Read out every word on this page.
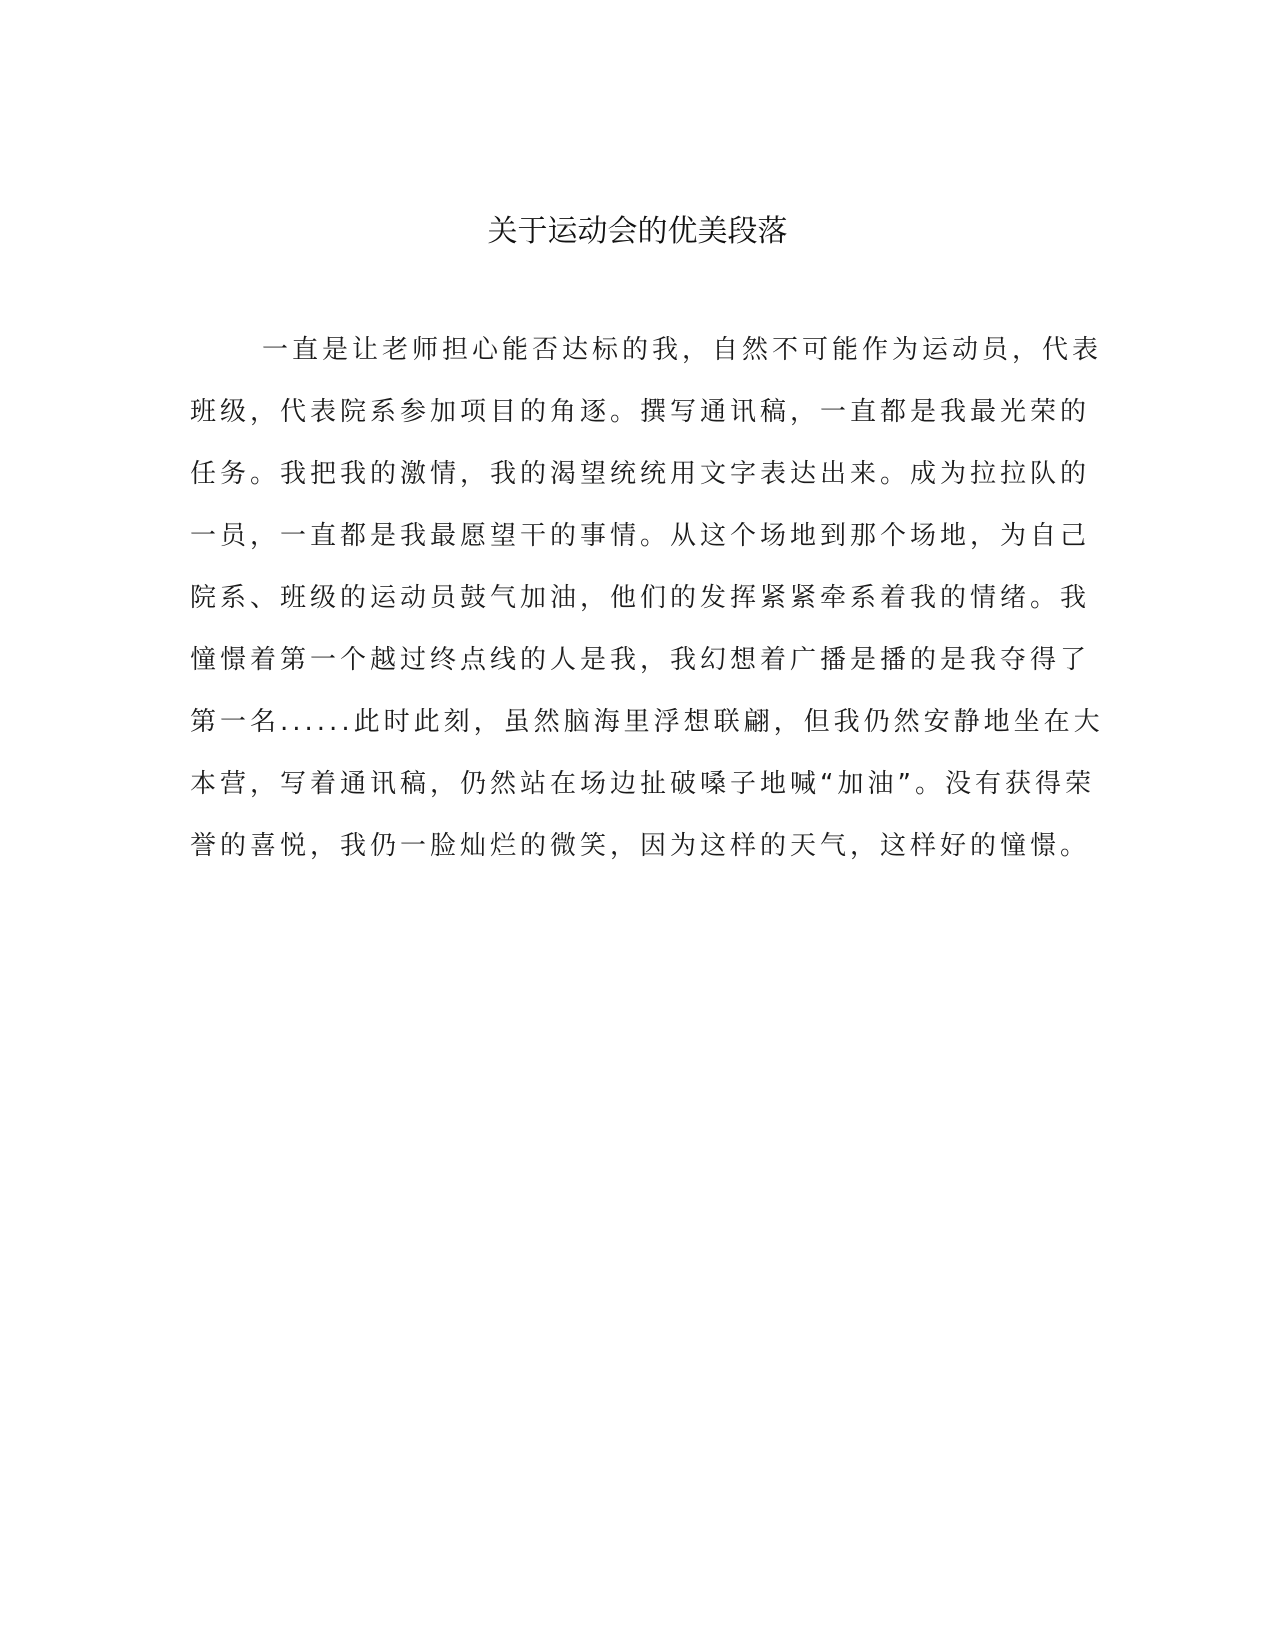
关于运动会的优美段落
一直是让老师担心能否达标的我，自然不可能作为运动员，代表
班级，代表院系参加项目的角逐。撰写通讯稿，一直都是我最光荣的
任务。我把我的激情，我的渴望统统用文字表达出来。成为拉拉队的
一员，一直都是我最愿望干的事情。从这个场地到那个场地，为自己
院系、班级的运动员鼓气加油，他们的发挥紧紧牵系着我的情绪。我
憧憬着第一个越过终点线的人是我，我幻想着广播是播的是我夺得了
第一名......此时此刻，虽然脑海里浮想联翩，但我仍然安静地坐在大
本营，写着通讯稿，仍然站在场边扯破嗓子地喊“加油”。没有获得荣
誉的喜悦，我仍一脸灿烂的微笑，因为这样的天气，这样好的憧憬。
